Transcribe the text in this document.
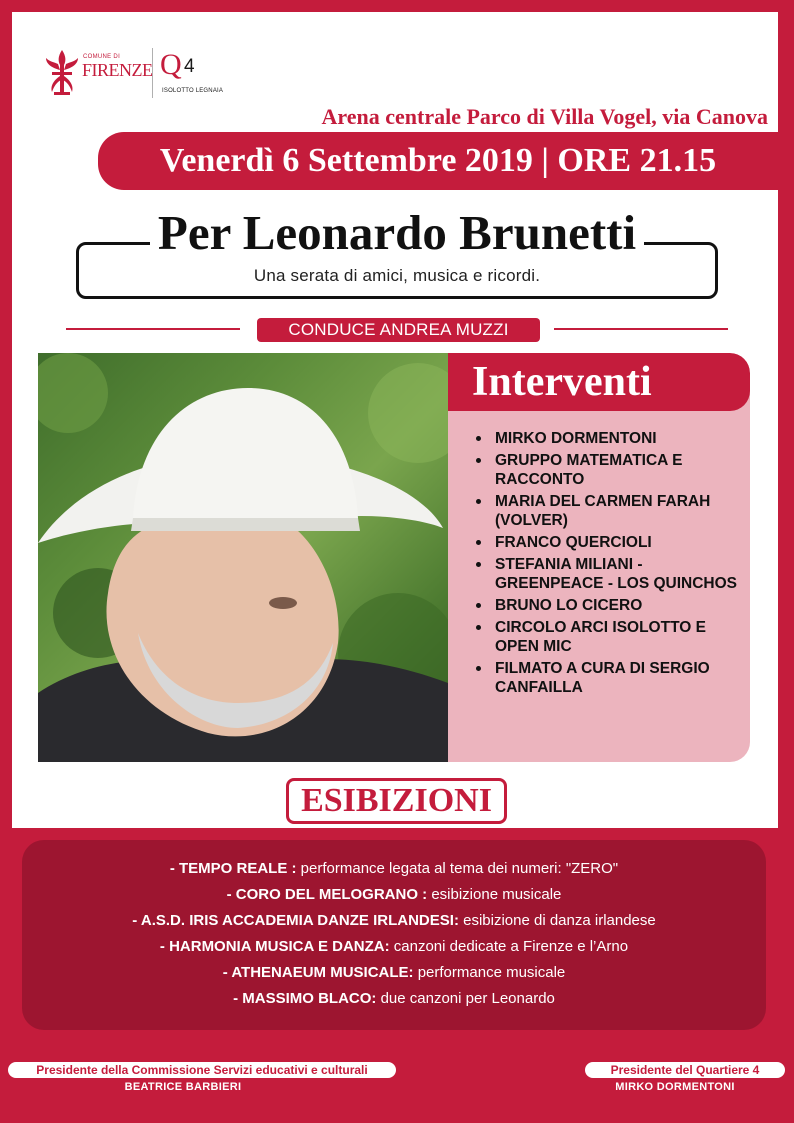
COMUNE DI
FIRENZE Q 4
ISOLOTTO LEGNAIA
Arena centrale Parco di Villa Vogel, via Canova
Venerdì 6 Settembre 2019 | ORE 21.15
Per Leonardo Brunetti
Una serata di amici, musica e ricordi.
CONDUCE ANDREA MUZZI
Interventi
MIRKO DORMENTONI
GRUPPO MATEMATICA E RACCONTO
MARIA DEL CARMEN FARAH (VOLVER)
FRANCO QUERCIOLI
STEFANIA MILIANI - GREENPEACE - LOS QUINCHOS
BRUNO LO CICERO
CIRCOLO ARCI ISOLOTTO E OPEN MIC
FILMATO A CURA DI SERGIO CANFAILLA
ESIBIZIONI
- TEMPO REALE : performance legata al tema dei numeri: "ZERO"
- CORO DEL MELOGRANO : esibizione musicale
- A.S.D. IRIS ACCADEMIA DANZE IRLANDESI: esibizione di danza irlandese
- HARMONIA MUSICA E DANZA: canzoni dedicate a Firenze e l’Arno
- ATHENAEUM MUSICALE: performance musicale
- MASSIMO BLACO: due canzoni per Leonardo
Presidente della Commissione Servizi educativi e culturali
BEATRICE BARBIERI
Presidente del Quartiere 4
MIRKO DORMENTONI
